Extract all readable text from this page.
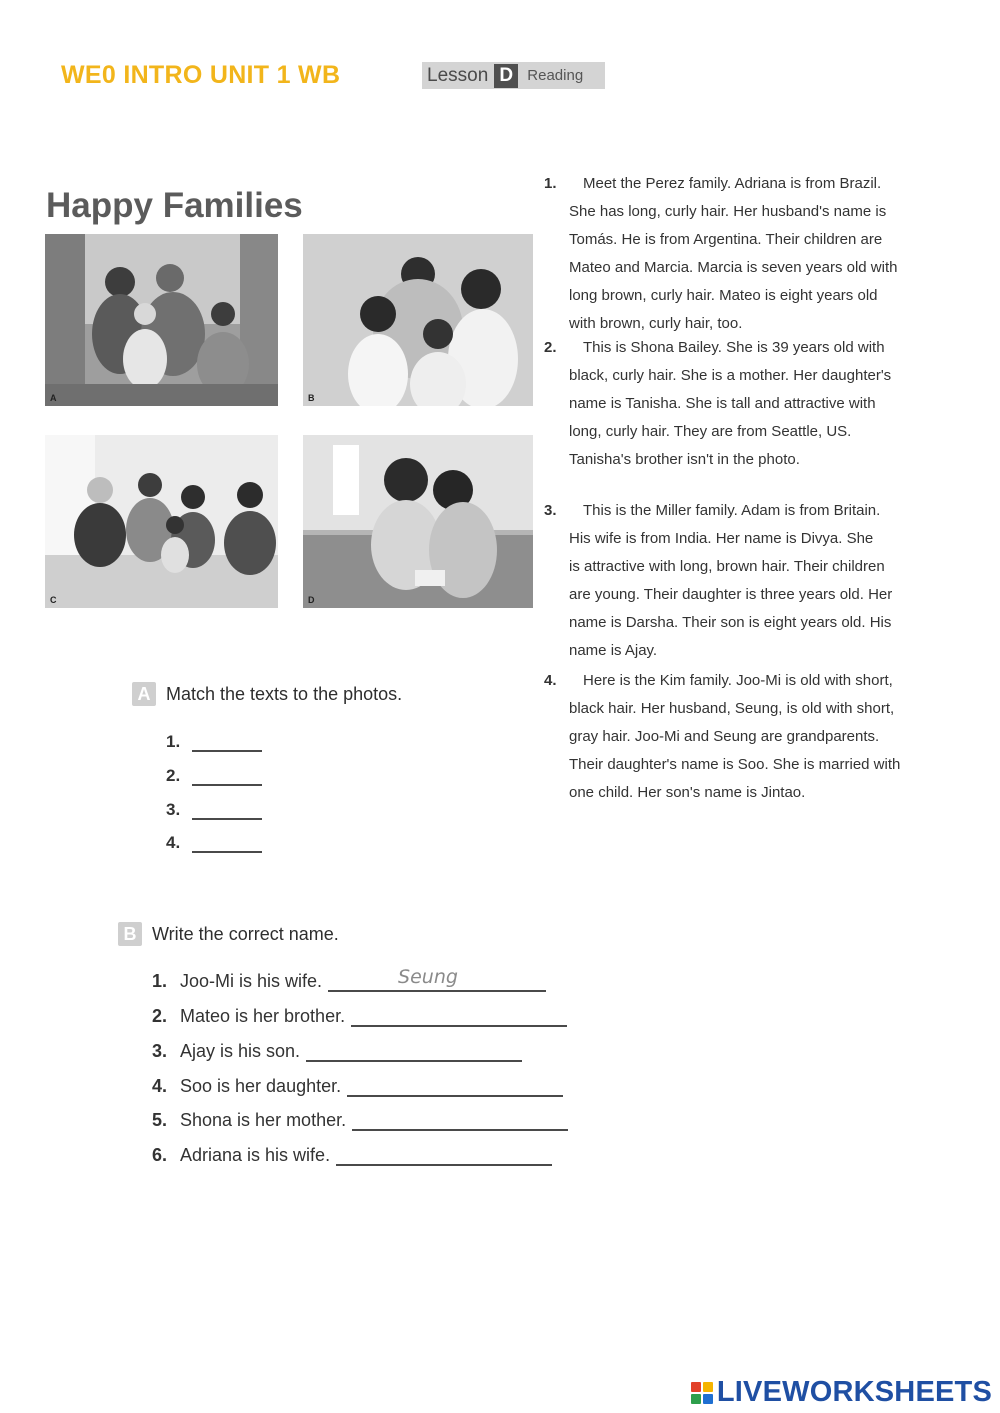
WE0 INTRO UNIT 1 WB	Lesson D Reading
Happy Families
A	B
C	D
1.	Meet the Perez family. Adriana is from Brazil.
She has long, curly hair. Her husband's name is
Tomás. He is from Argentina. Their children are
Mateo and Marcia. Marcia is seven years old with
long brown, curly hair. Mateo is eight years old
with brown, curly hair, too.
2.	This is Shona Bailey. She is 39 years old with
black, curly hair. She is a mother. Her daughter's
name is Tanisha. She is tall and attractive with
long, curly hair. They are from Seattle, US.
Tanisha's brother isn't in the photo.
3.	This is the Miller family. Adam is from Britain.
His wife is from India. Her name is Divya. She
is attractive with long, brown hair. Their children
are young. Their daughter is three years old. Her
name is Darsha. Their son is eight years old. His
name is Ajay.
4.	Here is the Kim family. Joo-Mi is old with short,
black hair. Her husband, Seung, is old with short,
gray hair. Joo-Mi and Seung are grandparents.
Their daughter's name is Soo. She is married with
one child. Her son's name is Jintao.
A Match the texts to the photos.
1.
2.
3.
4.
B Write the correct name.
1. Joo-Mi is his wife.	Seung
2. Mateo is her brother.
3. Ajay is his son.
4. Soo is her daughter.
5. Shona is her mother.
6. Adriana is his wife.
LIVEWORKSHEETS
